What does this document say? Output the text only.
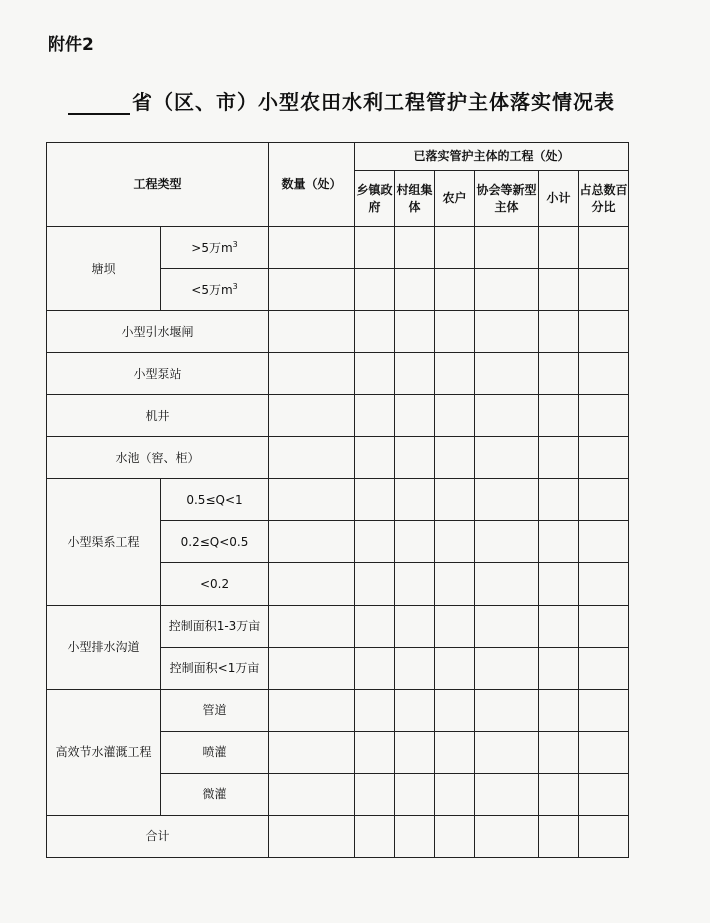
附件2
省（区、市）小型农田水利工程管护主体落实情况表
工程类型		数量（处）	已落实管护主体的工程（处）					
			乡镇政府	村组集体	农户	协会等新型主体	小计	占总数百分比
塘坝	>5万$m^3$							
	<5万$m^3$							
小型引水堰闸								
小型泵站								
机井								
水池（窖、柜）								
小型渠系工程	0.5≤Q<1							
	0.2≤Q<0.5							
	<0.2							
小型排水沟道	控制面积1-3万亩							
	控制面积<1万亩							
高效节水灌溉工程	管道							
	喷灌							
	微灌							
合计								
